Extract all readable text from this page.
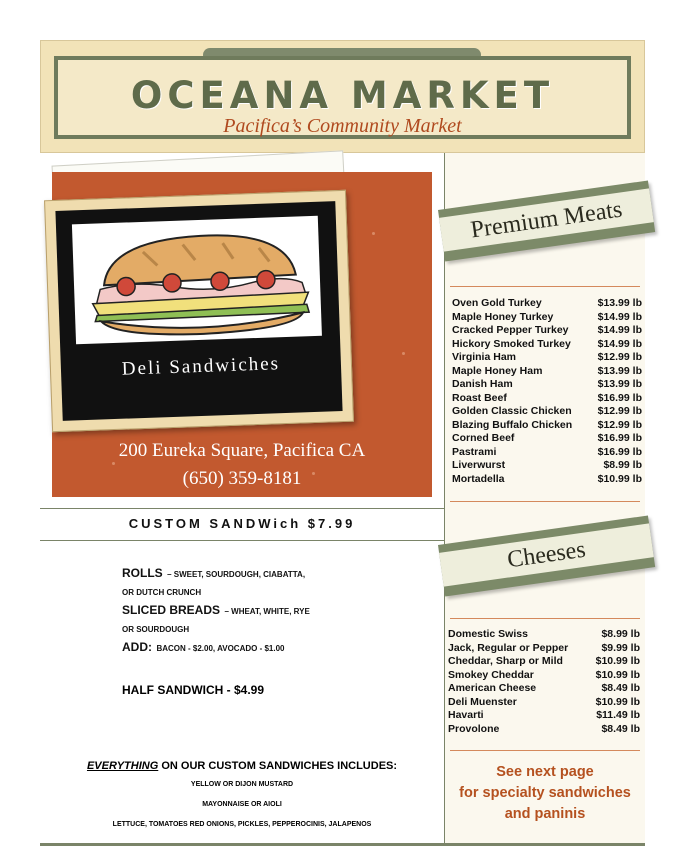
OCEANA MARKET
Pacifica’s Community Market
Deli Sandwiches
200 Eureka Square, Pacifica CA
(650) 359-8181
CUSTOM SANDWich $7.99
ROLLS – SWEET, SOURDOUGH, CIABATTA,
OR DUTCH CRUNCH
SLICED BREADS – WHEAT, WHITE, RYE
OR SOURDOUGH
ADD: BACON - $2.00, AVOCADO - $1.00
HALF SANDWICH - $4.99
EVERYTHING ON OUR CUSTOM SANDWICHES INCLUDES:
YELLOW OR DIJON MUSTARD
MAYONNAISE OR AIOLI
LETTUCE, TOMATOES RED ONIONS, PICKLES, PEPPEROCINIS, JALAPENOS
Premium Meats
Oven Gold Turkey	$13.99 lb
Maple Honey Turkey	$14.99 lb
Cracked Pepper Turkey	$14.99 lb
Hickory Smoked Turkey	$14.99 lb
Virginia Ham	$12.99 lb
Maple Honey Ham	$13.99 lb
Danish Ham	$13.99 lb
Roast Beef	$16.99 lb
Golden Classic Chicken $12.99 lb
Blazing Buffalo Chicken $12.99 lb
Corned Beef	$16.99 lb
Pastrami	$16.99 lb
Liverwurst	$8.99 lb
Mortadella	$10.99 lb
Cheeses
Domestic Swiss	$8.99 lb
Jack, Regular or Pepper	$9.99 lb
Cheddar, Sharp or Mild	$10.99 lb
Smokey Cheddar	$10.99 lb
American Cheese	$8.49 lb
Deli Muenster	$10.99 lb
Havarti	$11.49 lb
Provolone	$8.49 lb
See next page
for specialty sandwiches
and paninis
